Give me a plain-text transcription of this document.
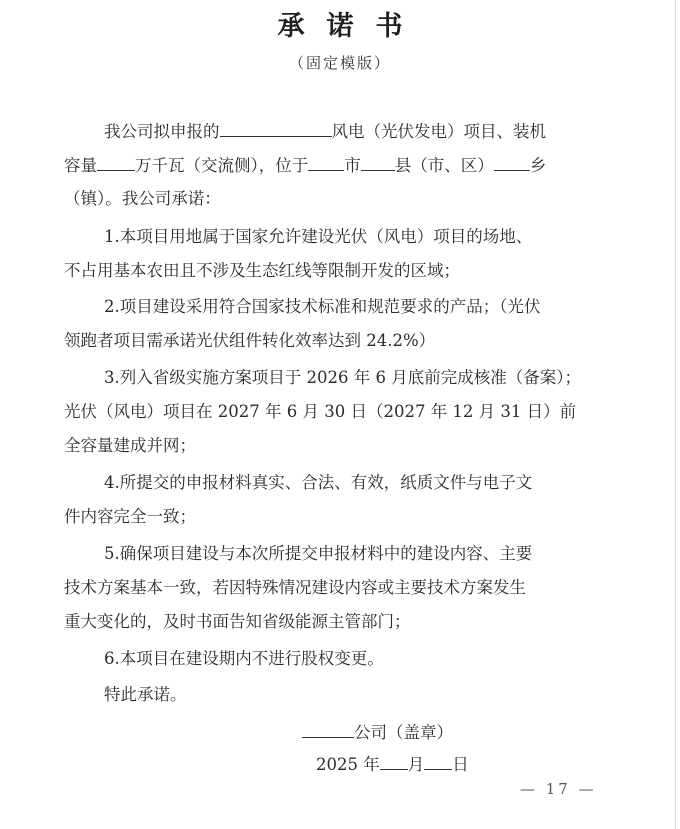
承诺书
（固定模版）
我公司拟申报的	风电（光伏发电）项目、装机
容量 万千瓦（交流侧），位于 市 县（市、区） 乡
（镇）。我公司承诺：
1.本项目用地属于国家允许建设光伏（风电）项目的场地、
不占用基本农田且不涉及生态红线等限制开发的区域；
2.项目建设采用符合国家技术标准和规范要求的产品；（光伏
领跑者项目需承诺光伏组件转化效率达到 24.2%）
3.列入省级实施方案项目于 2026 年 6 月底前完成核准（备案）；
光伏（风电）项目在 2027 年 6 月 30 日（2027 年 12 月 31 日）前
全容量建成并网；
4.所提交的申报材料真实、合法、有效，纸质文件与电子文
件内容完全一致；
5.确保项目建设与本次所提交申报材料中的建设内容、主要
技术方案基本一致，若因特殊情况建设内容或主要技术方案发生
重大变化的，及时书面告知省级能源主管部门；
6.本项目在建设期内不进行股权变更。
特此承诺。
公司（盖章）
2025 年 月 日
— 17 —
